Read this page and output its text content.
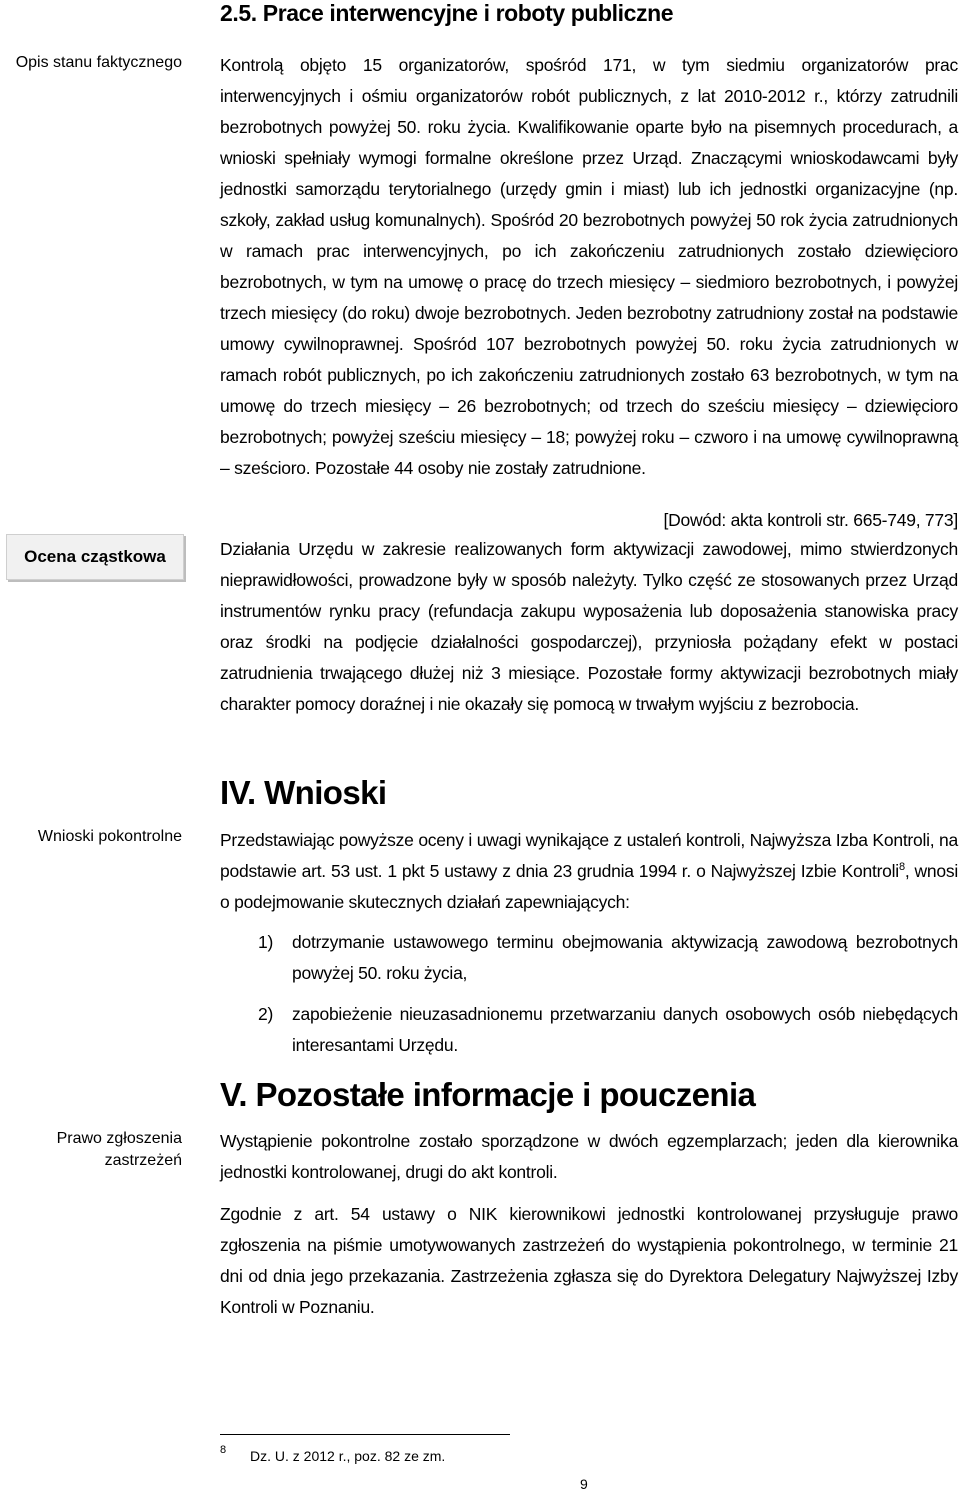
2.5. Prace interwencyjne i roboty publiczne
Opis stanu faktycznego
Ocena cząstkowa
Wnioski pokontrolne
Prawo zgłoszenia zastrzeżeń
Kontrolą objęto 15 organizatorów, spośród 171, w tym siedmiu organizatorów prac interwencyjnych i ośmiu organizatorów robót publicznych, z lat 2010-2012 r., którzy zatrudnili bezrobotnych powyżej 50. roku życia. Kwalifikowanie oparte było na pisemnych procedurach, a wnioski spełniały wymogi formalne określone przez Urząd. Znaczącymi wnioskodawcami były jednostki samorządu terytorialnego (urzędy gmin i miast) lub ich jednostki organizacyjne (np. szkoły, zakład usług komunalnych). Spośród 20 bezrobotnych powyżej 50 rok życia zatrudnionych w ramach prac interwencyjnych, po ich zakończeniu zatrudnionych zostało dziewięcioro bezrobotnych, w tym na umowę o pracę do trzech miesięcy – siedmioro bezrobotnych, i powyżej trzech miesięcy (do roku) dwoje bezrobotnych. Jeden bezrobotny zatrudniony został na podstawie umowy cywilnoprawnej. Spośród 107 bezrobotnych powyżej 50. roku życia zatrudnionych w ramach robót publicznych, po ich zakończeniu zatrudnionych zostało 63 bezrobotnych, w tym na umowę do trzech miesięcy – 26 bezrobotnych; od trzech do sześciu miesięcy – dziewięcioro bezrobotnych; powyżej sześciu miesięcy – 18; powyżej roku – czworo i na umowę cywilnoprawną – sześcioro. Pozostałe 44 osoby nie zostały zatrudnione.
[Dowód: akta kontroli str. 665-749, 773]
Działania Urzędu w zakresie realizowanych form aktywizacji zawodowej, mimo stwierdzonych nieprawidłowości, prowadzone były w sposób należyty. Tylko część ze stosowanych przez Urząd instrumentów rynku pracy (refundacja zakupu wyposażenia lub doposażenia stanowiska pracy oraz środki na podjęcie działalności gospodarczej), przyniosła pożądany efekt w postaci zatrudnienia trwającego dłużej niż 3 miesiące. Pozostałe formy aktywizacji bezrobotnych miały charakter pomocy doraźnej i nie okazały się pomocą w trwałym wyjściu z bezrobocia.
IV. Wnioski
Przedstawiając powyższe oceny i uwagi wynikające z ustaleń kontroli, Najwyższa Izba Kontroli, na podstawie art. 53 ust. 1 pkt 5 ustawy z dnia 23 grudnia 1994 r. o Najwyższej Izbie Kontroli$^8$, wnosi o podejmowanie skutecznych działań zapewniających:
1) dotrzymanie ustawowego terminu obejmowania aktywizacją zawodową bezrobotnych powyżej 50. roku życia,
2) zapobieżenie nieuzasadnionemu przetwarzaniu danych osobowych osób niebędących interesantami Urzędu.
V. Pozostałe informacje i pouczenia
Wystąpienie pokontrolne zostało sporządzone w dwóch egzemplarzach; jeden dla kierownika jednostki kontrolowanej, drugi do akt kontroli.
Zgodnie z art. 54 ustawy o NIK kierownikowi jednostki kontrolowanej przysługuje prawo zgłoszenia na piśmie umotywowanych zastrzeżeń do wystąpienia pokontrolnego, w terminie 21 dni od dnia jego przekazania. Zastrzeżenia zgłasza się do Dyrektora Delegatury Najwyższej Izby Kontroli w Poznaniu.
8 Dz. U. z 2012 r., poz. 82 ze zm.
9
